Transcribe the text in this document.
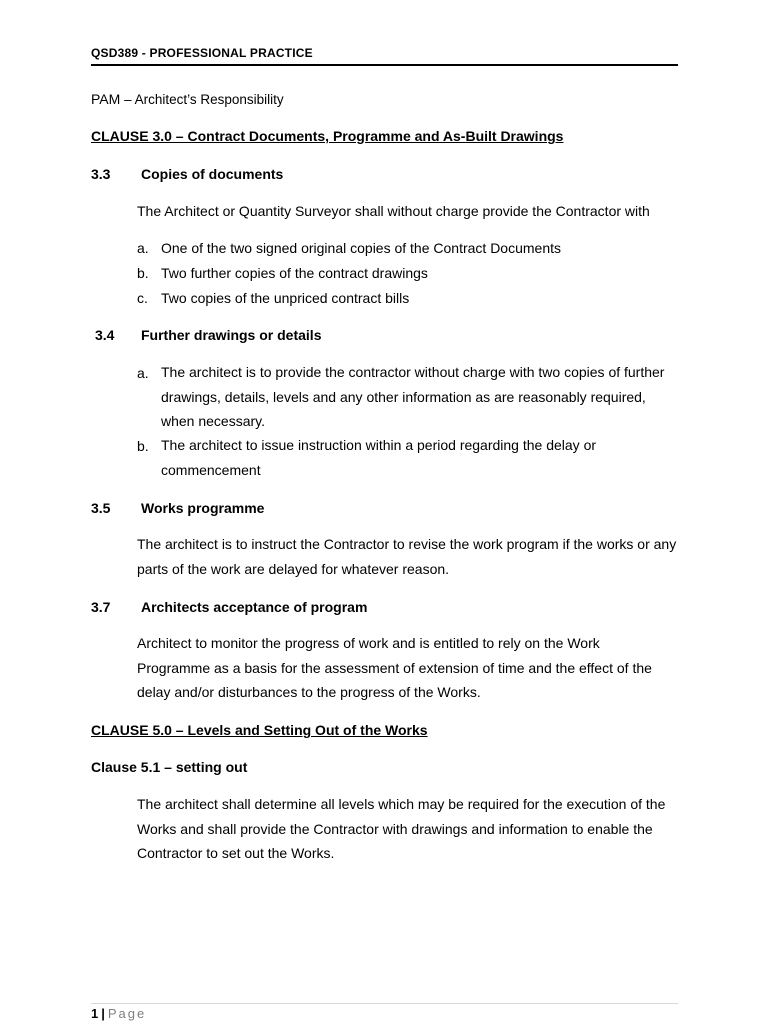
QSD389 - PROFESSIONAL PRACTICE
PAM – Architect’s Responsibility
CLAUSE 3.0 – Contract Documents, Programme and As-Built Drawings
3.3 Copies of documents
The Architect or Quantity Surveyor shall without charge provide the Contractor with
a. One of the two signed original copies of the Contract Documents
b. Two further copies of the contract drawings
c. Two copies of the unpriced contract bills
3.4 Further drawings or details
a. The architect is to provide the contractor without charge with two copies of further drawings, details, levels and any other information as are reasonably required, when necessary.
b. The architect to issue instruction within a period regarding the delay or commencement
3.5 Works programme
The architect is to instruct the Contractor to revise the work program if the works or any parts of the work are delayed for whatever reason.
3.7 Architects acceptance of program
Architect to monitor the progress of work and is entitled to rely on the Work Programme as a basis for the assessment of extension of time and the effect of the delay and/or disturbances to the progress of the Works.
CLAUSE 5.0 – Levels and Setting Out of the Works
Clause 5.1 – setting out
The architect shall determine all levels which may be required for the execution of the Works and shall provide the Contractor with drawings and information to enable the Contractor to set out the Works.
1 | Page
